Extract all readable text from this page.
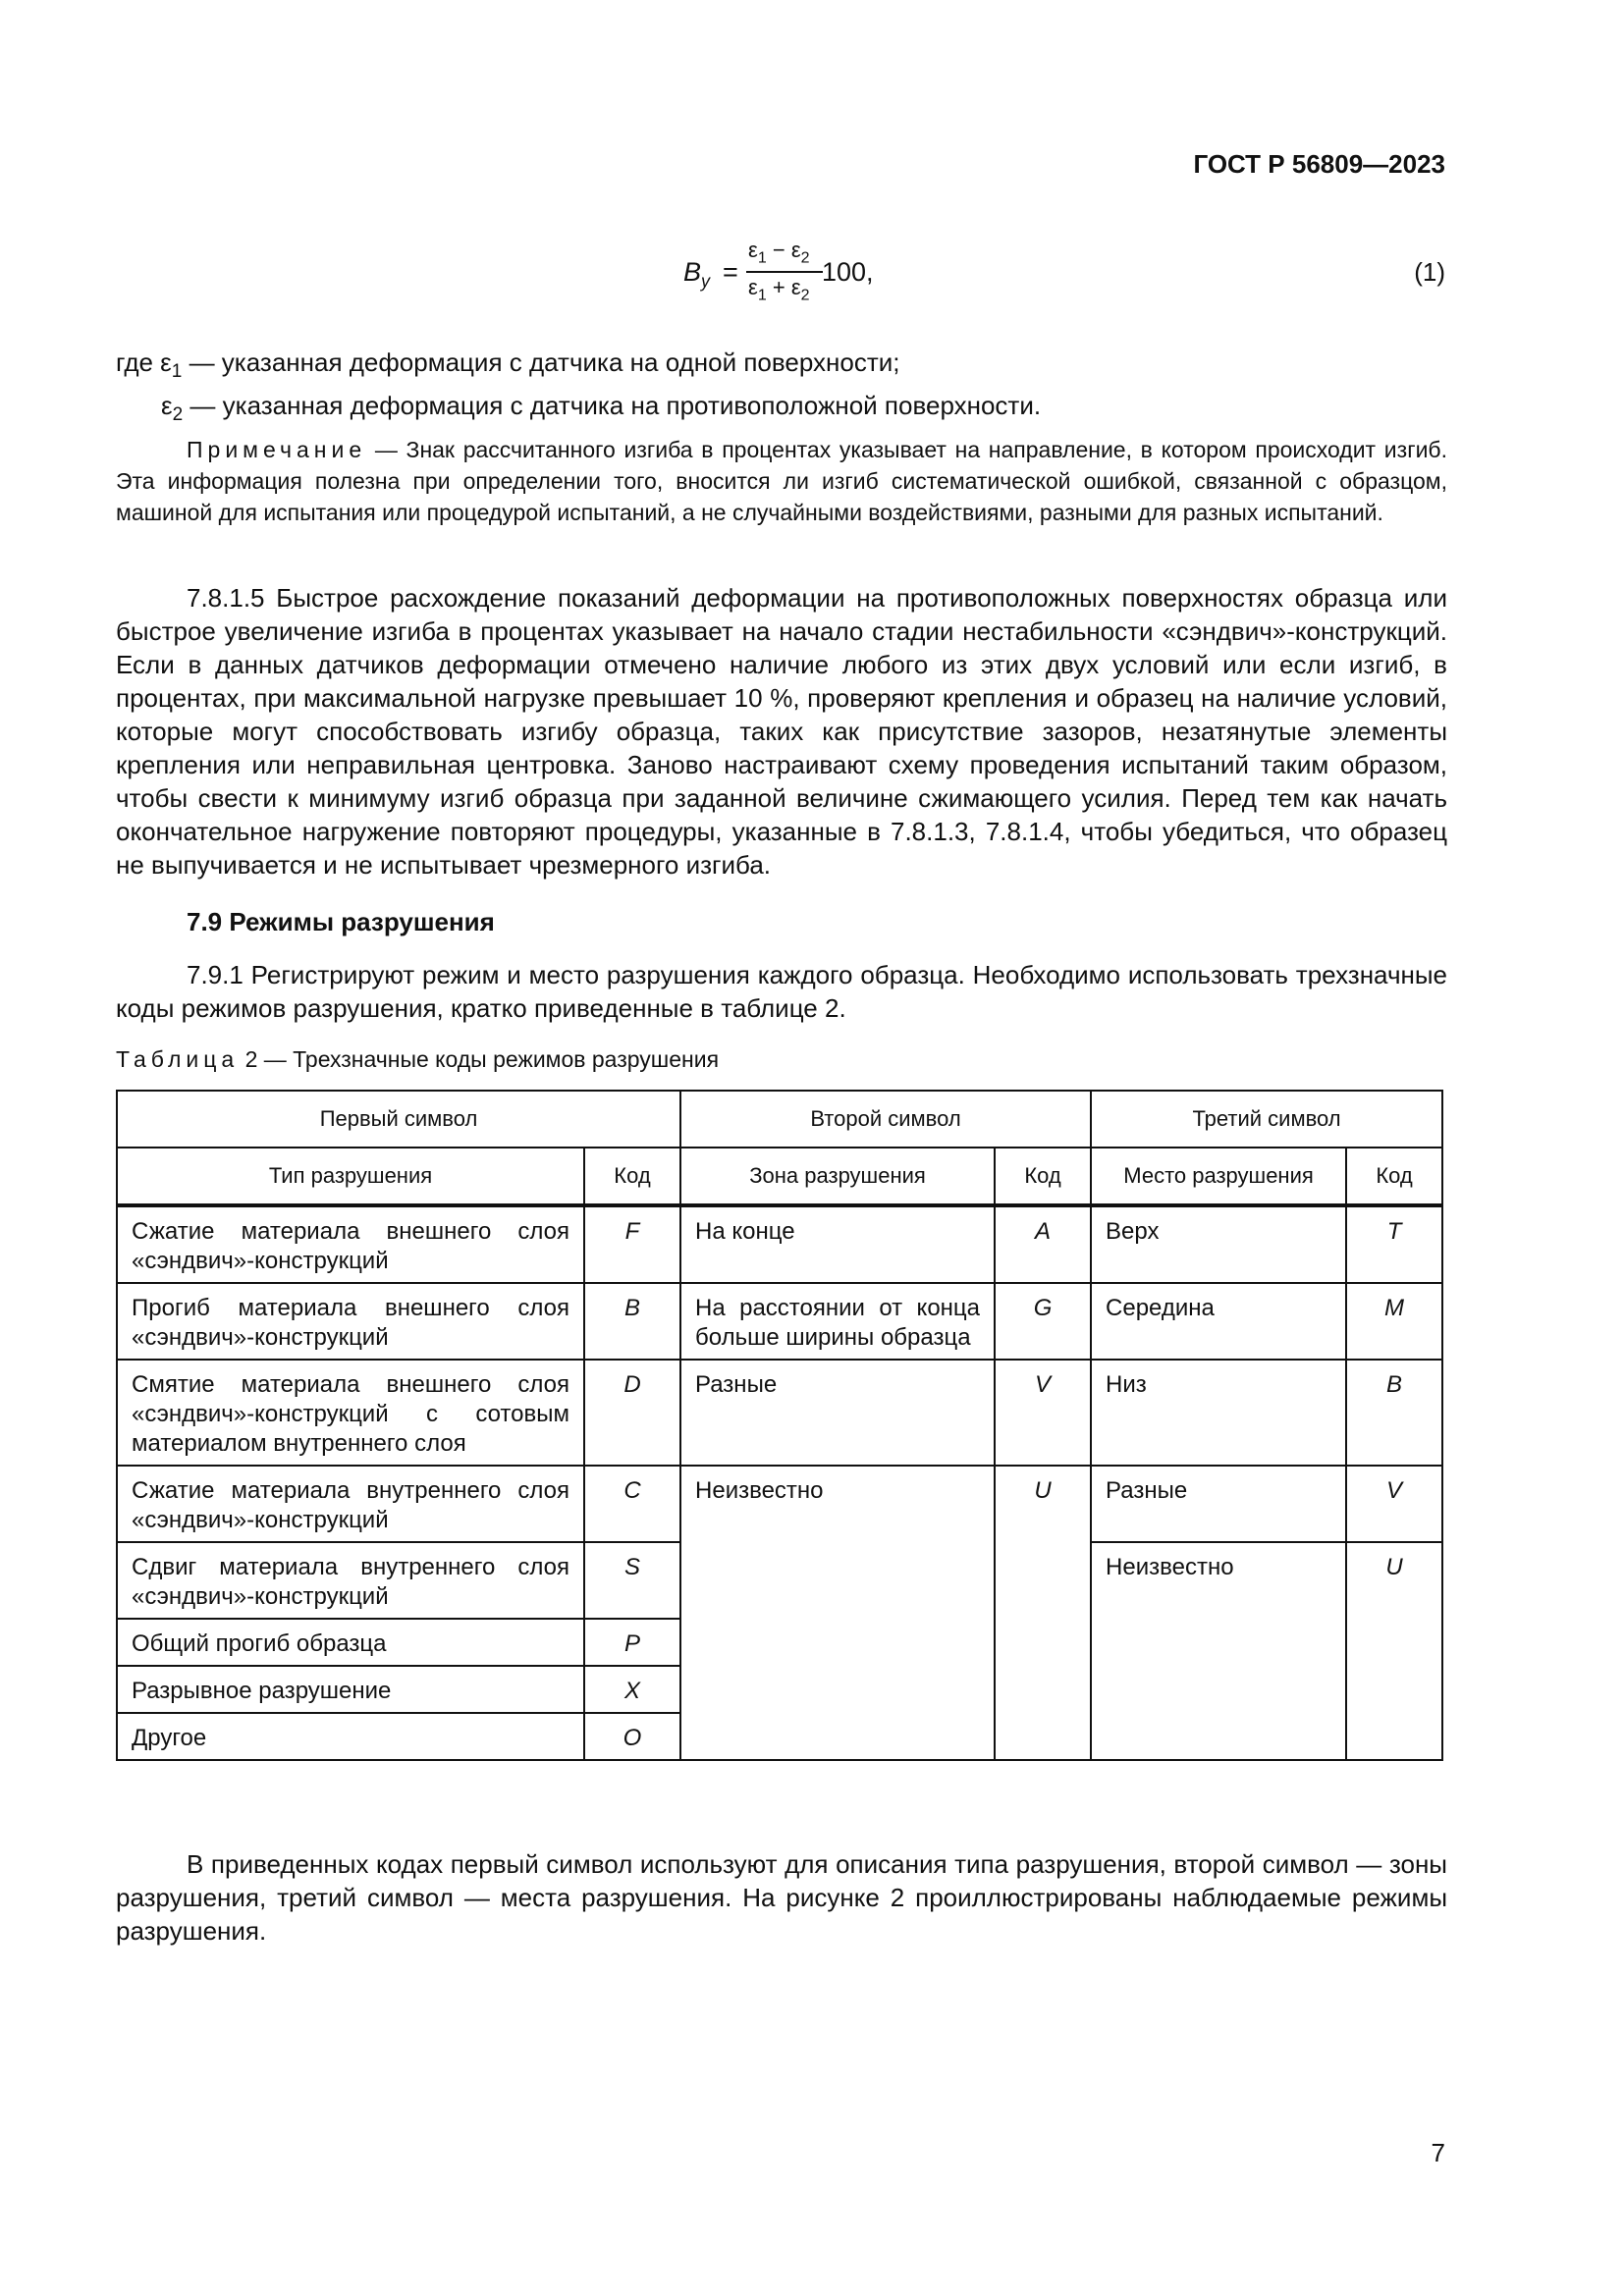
ГОСТ Р 56809—2023
$B_y$ =
$\varepsilon_1 - \varepsilon_2$
$\varepsilon_1 + \varepsilon_2$
100,	(1)
где $\varepsilon_1$ — указанная деформация с датчика на одной поверхности;
$\varepsilon_2$ — указанная деформация с датчика на противоположной поверхности.
Примечание — Знак рассчитанного изгиба в процентах указывает на направление, в котором происходит изгиб. Эта информация полезна при определении того, вносится ли изгиб систематической ошибкой, связанной с образцом, машиной для испытания или процедурой испытаний, а не случайными воздействиями, разными для разных испытаний.
7.8.1.5 Быстрое расхождение показаний деформации на противоположных поверхностях образца или быстрое увеличение изгиба в процентах указывает на начало стадии нестабильности «сэндвич»-конструкций. Если в данных датчиков деформации отмечено наличие любого из этих двух условий или если изгиб, в процентах, при максимальной нагрузке превышает 10 %, проверяют крепления и образец на наличие условий, которые могут способствовать изгибу образца, таких как присутствие зазоров, незатянутые элементы крепления или неправильная центровка. Заново настраивают схему проведения испытаний таким образом, чтобы свести к минимуму изгиб образца при заданной величине сжимающего усилия. Перед тем как начать окончательное нагружение повторяют процедуры, указанные в 7.8.1.3, 7.8.1.4, чтобы убедиться, что образец не выпучивается и не испытывает чрезмерного изгиба.
7.9 Режимы разрушения
7.9.1 Регистрируют режим и место разрушения каждого образца. Необходимо использовать трехзначные коды режимов разрушения, кратко приведенные в таблице 2.
Таблица 2 — Трехзначные коды режимов разрушения
Первый символ		Второй символ		Третий символ	
Тип разрушения	Код	Зона разрушения	Код	Место разрушения	Код
Сжатие материала внешнего слоя «сэндвич»-конструкций	F	На конце	A	Верх	T
Прогиб материала внешнего слоя «сэндвич»-конструкций	B	На расстоянии от конца больше ширины образца	G	Середина	M
Смятие материала внешнего слоя «сэндвич»-конструкций с сотовым материалом внутреннего слоя	D	Разные	V	Низ	B
Сжатие материала внутреннего слоя «сэндвич»-конструкций	C	Неизвестно	U	Разные	V
Сдвиг материала внутреннего слоя «сэндвич»-конструкций	S			Неизвестно	U
Общий прогиб образца	P				
Разрывное разрушение	X				
Другое	O				
В приведенных кодах первый символ используют для описания типа разрушения, второй символ — зоны разрушения, третий символ — места разрушения. На рисунке 2 проиллюстрированы наблюдаемые режимы разрушения.
7
